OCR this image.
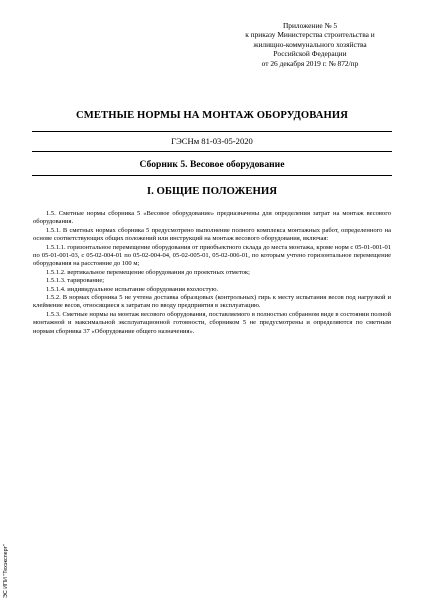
Приложение № 5
к приказу Министерства строительства и
жилищно-коммунального хозяйства
Российской Федерации
от 26 декабря 2019 г. № 872/пр
СМЕТНЫЕ НОРМЫ НА МОНТАЖ ОБОРУДОВАНИЯ
ГЭСНм 81-03-05-2020
Сборник 5. Весовое оборудование
I. ОБЩИЕ ПОЛОЖЕНИЯ

1.5. Сметные нормы сборника 5 «Весовое оборудование» предназначены для определения затрат на монтаж весового оборудования.

1.5.1. В сметных нормах сборника 5 предусмотрено выполнение полного комплекса монтажных работ, определенного на основе соответствующих общих положений или инструкций на монтаж весового оборудования, включая:

1.5.1.1. горизонтальное перемещение оборудования от приобъектного склада до места монтажа, кроме норм с 05-01-001-01 по 05-01-001-03, с 05-02-004-01 по 05-02-004-04, 05-02-005-01, 05-02-006-01, по которым учтено горизонтальное перемещение оборудования на расстояние до 100 м;

1.5.1.2. вертикальное перемещение оборудования до проектных отметок;

1.5.1.3. тарирование;

1.5.1.4. индивидуальное испытание оборудования вхолостую.

1.5.2. В нормах сборника 5 не учтена доставка образцовых (контрольных) гирь к месту испытания весов под нагрузкой и клеймение весов, относящиеся к затратам по вводу предприятия в эксплуатацию.

1.5.3. Сметные нормы на монтаж весового оборудования, поставляемого в полностью собранном виде в состоянии полной монтажной и максимальной эксплуатационной готовности, сборником 5 не предусмотрены и определяются по сметным нормам сборника 37 «Оборудование общего назначения».

ЭС ИПИ "Техэксперт"
